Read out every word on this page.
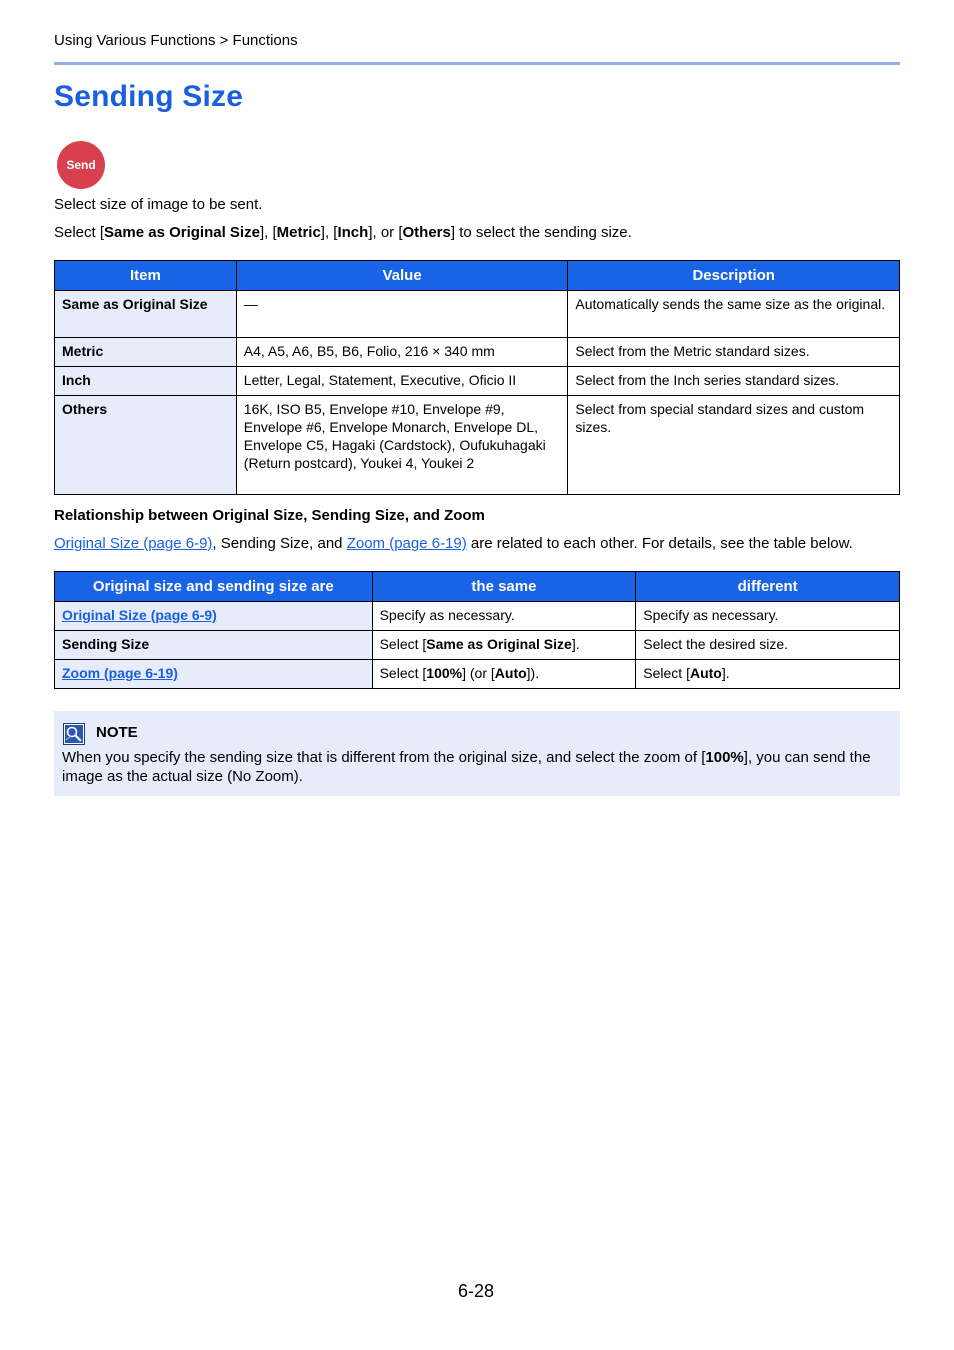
Using Various Functions > Functions
Sending Size
Send
Select size of image to be sent.
Select [Same as Original Size], [Metric], [Inch], or [Others] to select the sending size.
Item	Value	Description
Same as Original Size	—	Automatically sends the same size as the original.
Metric	A4, A5, A6, B5, B6, Folio, 216 × 340 mm	Select from the Metric standard sizes.
Inch	Letter, Legal, Statement, Executive, Oficio II	Select from the Inch series standard sizes.
Others	16K, ISO B5, Envelope #10, Envelope #9, Envelope #6, Envelope Monarch, Envelope DL, Envelope C5, Hagaki (Cardstock), Oufukuhagaki (Return postcard), Youkei 4, Youkei 2	Select from special standard sizes and custom sizes.
Relationship between Original Size, Sending Size, and Zoom
Original Size (page 6-9), Sending Size, and Zoom (page 6-19) are related to each other. For details, see the table below.
Original size and sending size are	the same	different
Original Size (page 6-9)	Specify as necessary.	Specify as necessary.
Sending Size	Select [Same as Original Size].	Select the desired size.
Zoom (page 6-19)	Select [100%] (or [Auto]).	Select [Auto].
NOTE
When you specify the sending size that is different from the original size, and select the zoom of [100%], you can send the image as the actual size (No Zoom).
6-28
